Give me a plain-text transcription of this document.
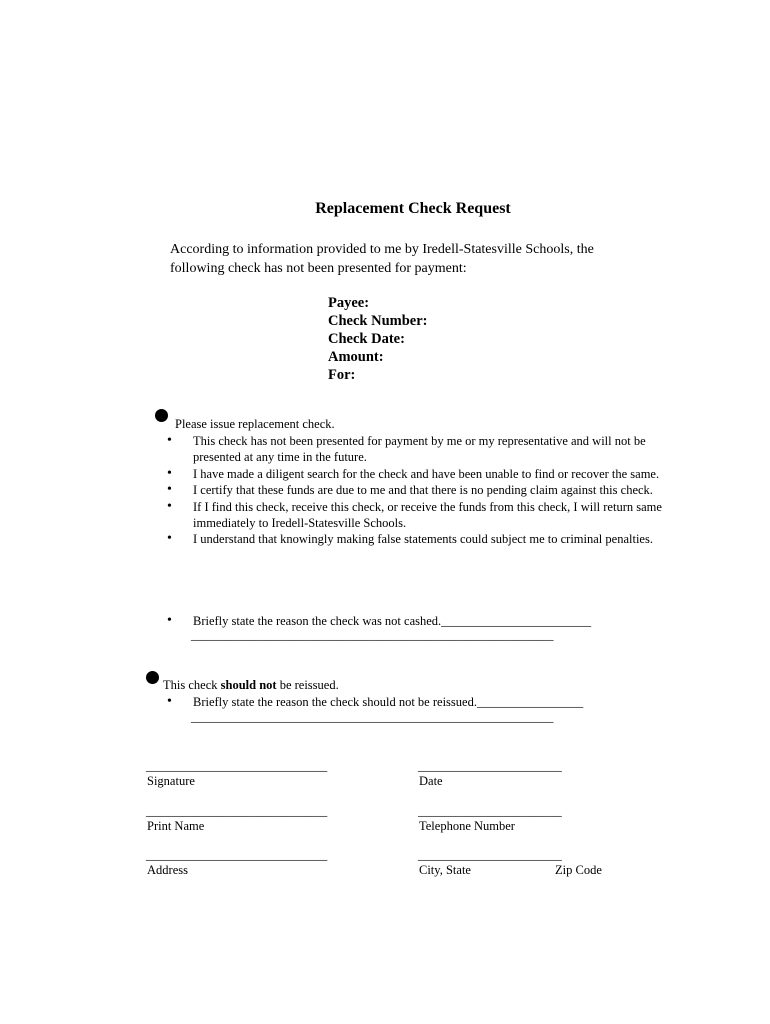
Replacement Check Request
According to information provided to me by Iredell-Statesville Schools, the following check has not been presented for payment:
Payee:
Check Number:
Check Date:
Amount:
For:
Please issue replacement check.
• This check has not been presented for payment by me or my representative and will not be presented at any time in the future.
• I have made a diligent search for the check and have been unable to find or recover the same.
• I certify that these funds are due to me and that there is no pending claim against this check.
• If I find this check, receive this check, or receive the funds from this check, I will return same immediately to Iredell-Statesville Schools.
• I understand that knowingly making false statements could subject me to criminal penalties.
• Briefly state the reason the check was not cashed.________________________
__________________________________________________________
This check should not be reissued.
• Briefly state the reason the check should not be reissued._________________
__________________________________________________________
_____________________________
Signature
_______________________
Date
_____________________________
Print Name
_______________________
Telephone Number
_____________________________
Address
_______________________
City, State	Zip Code
